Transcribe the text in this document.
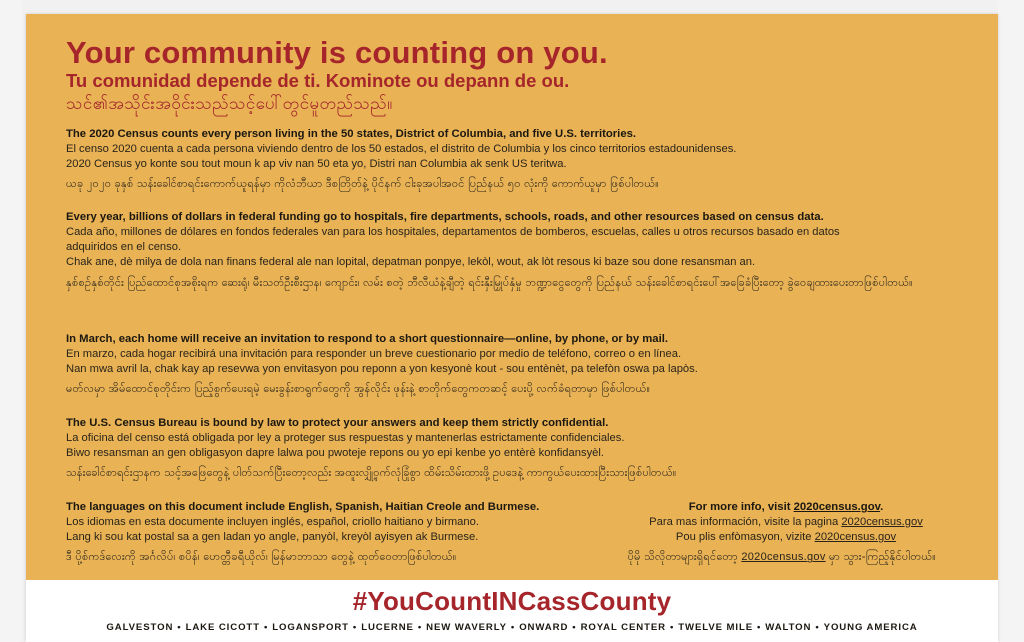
Your community is counting on you.
Tu comunidad depende de ti. Kominote ou depann de ou.
သင်၏အသိုင်းအဝိုင်းသည်သင့်ပေါ်တွင်မူတည်သည်။
The 2020 Census counts every person living in the 50 states, District of Columbia, and five U.S. territories.
El censo 2020 cuenta a cada persona viviendo dentro de los 50 estados, el distrito de Columbia y los cinco territorios estadounidenses.
2020 Census yo konte sou tout moun k ap viv nan 50 eta yo, Distri nan Columbia ak senk US teritwa.
ယခု ၂၀၂၀ ခုနှစ် သန်းခေါင်စာရင်းကောက်ယူရန်မှာ ကိုလံဘီယာ ဒီစတြိတ်နဲ့ ပိုင်နက် ငါးခုအပါအဝင် ပြည်နယ် ၅၀ လုံးကို ကောက်ယူမှာ ဖြစ်ပါတယ်။
Every year, billions of dollars in federal funding go to hospitals, fire departments, schools, roads, and other resources based on census data.
Cada año, millones de dólares en fondos federales van para los hospitales, departamentos de bomberos, escuelas, calles u otros recursos basado en datos
adquiridos en el censo.
Chak ane, dè milya de dola nan finans federal ale nan lopital, depatman ponpye, lekòl, wout, ak lòt resous ki baze sou done resansman an.
နှစ်စဉ်နှစ်တိုင်း ပြည်ထောင်စုအစိုးရက ဆေးရုံ၊ မီးသတ်ဦးစီးဌာန၊ ကျောင်း၊ လမ်း စတဲ့ ဘီလီယံနဲ့ချီတဲ့ ရင်းနှီးမြှုပ်နှံမှု ဘဏ္ဍာငွေတွေကို ပြည်နယ် သန်းခေါင်စာရင်းပေါ်အခြေခံပြီးတော့ ခွဲဝေချထားပေးတာဖြစ်ပါတယ်။
In March, each home will receive an invitation to respond to a short questionnaire—online, by phone, or by mail.
En marzo, cada hogar recibirá una invitación para responder un breve cuestionario por medio de teléfono, correo o en línea.
Nan mwa avril la, chak kay ap resevwa yon envitasyon pou reponn a yon kesyonè kout - sou entènèt, pa telefòn oswa pa lapòs.
မတ်လမှာ အိမ်ထောင်စုတိုင်းက ပြည့်စွက်ပေးရမဲ့ မေးခွန်းစာရွက်တွေကို အွန်လိုင်း ဖုန်းနဲ့ စာတိုက်တွေကတဆင့် ပေးပို့ လက်ခံရတာမှာ ဖြစ်ပါတယ်။
The U.S. Census Bureau is bound by law to protect your answers and keep them strictly confidential.
La oficina del censo está obligada por ley a proteger sus respuestas y mantenerlas estrictamente confidenciales.
Biwo resansman an gen obligasyon dapre lalwa pou pwoteje repons ou yo epi kenbe yo entèrè konfidansyèl.
သန်းခေါင်စာရင်းဌာနက သင့်အဖြေတွေနဲ့ ပါတ်သက်ပြီးတော့လည်း အထူးလျှို့ဝှက်လုံခြုံစွာ ထိမ်းသိမ်းထားဖို့ ဥပဒေနဲ့ ကာကွယ်ပေးထားပြီးသားဖြစ်ပါတယ်။
The languages on this document include English, Spanish, Haitian Creole and Burmese.
Los idiomas en esta documente incluyen inglés, español, criollo haitiano y birmano.
Lang ki sou kat postal sa a gen ladan yo angle, panyòl, kreyòl ayisyen ak Burmese.
ဒီ ပို့စ်ကဒ်လေးကို အင်္ဂလိပ်၊ စပိန်၊ ဟေတ္တီခရီယိုလ်၊ မြန်မာဘာသာ တွေနဲ့ ထုတ်ဝေတာဖြစ်ပါတယ်။
For more info, visit 2020census.gov.
Para mas información, visite la pagina 2020census.gov
Pou plis enfòmasyon, vizite 2020census.gov
ပိုမို သိလိုတာများရှိရင်တော့ 2020census.gov မှာ သွား-ကြည့်နိုင်ပါတယ်။
#YouCountINCassCounty
GALVESTON • LAKE CICOTT • LOGANSPORT • LUCERNE • NEW WAVERLY • ONWARD • ROYAL CENTER • TWELVE MILE • WALTON • YOUNG AMERICA
